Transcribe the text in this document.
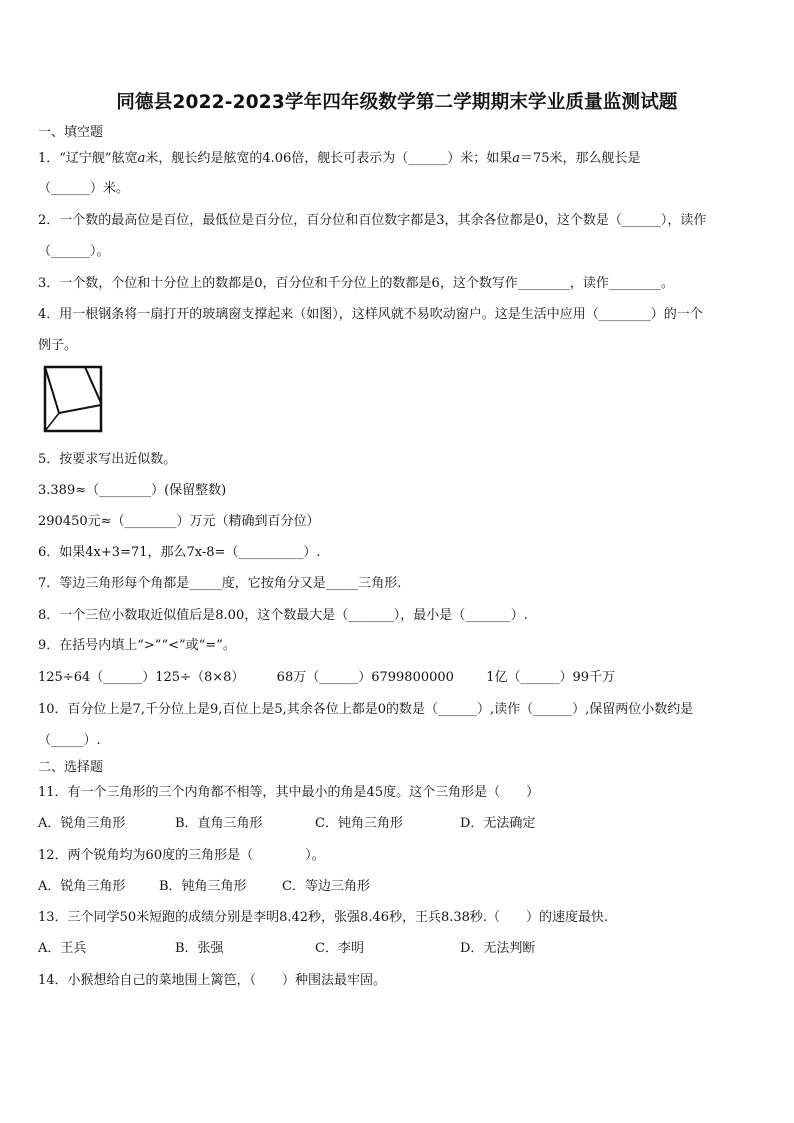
同德县2022-2023学年四年级数学第二学期期末学业质量监测试题
一、填空题
1．“辽宁舰”舷宽𝑎米，舰长约是舷宽的4.06倍，舰长可表示为（______）米；如果𝑎＝75米，那么舰长是
（______）米。
2．一个数的最高位是百位，最低位是百分位，百分位和百位数字都是3，其余各位都是0，这个数是（______），读作
（______）。
3．一个数，个位和十分位上的数都是0，百分位和千分位上的数都是6，这个数写作________，读作________。
4．用一根钢条将一扇打开的玻璃窗支撑起来（如图），这样风就不易吹动窗户。这是生活中应用（________）的一个
例子。
5．按要求写出近似数。
3.389≈（________）(保留整数)
290450元≈（________）万元（精确到百分位）
6．如果4x+3=71，那么7x-8=（__________）.
7．等边三角形每个角都是_____度，它按角分又是_____三角形.
8．一个三位小数取近似值后是8.00，这个数最大是（_______），最小是（_______）.
9．在括号内填上“>”“<”或“=”。
125÷64（______）125÷（8×8） 68万（______）6799800000 1亿（______）99千万
10．百分位上是7,千分位上是9,百位上是5,其余各位上都是0的数是（______）,读作（______）,保留两位小数约是
（_____）.
二、选择题
11．有一个三角形的三个内角都不相等，其中最小的角是45度。这个三角形是（　　）
A．锐角三角形	B．直角三角形	C．钝角三角形	D．无法确定
12．两个锐角均为60度的三角形是（　　　　）。
A．锐角三角形	B．钝角三角形	C．等边三角形
13．三个同学50米短跑的成绩分别是李明8.42秒，张强8.46秒，王兵8.38秒.（　　）的速度最快.
A．王兵	B．张强	C．李明	D．无法判断
14．小猴想给自己的菜地围上篱笆，（　　）种围法最牢固。
